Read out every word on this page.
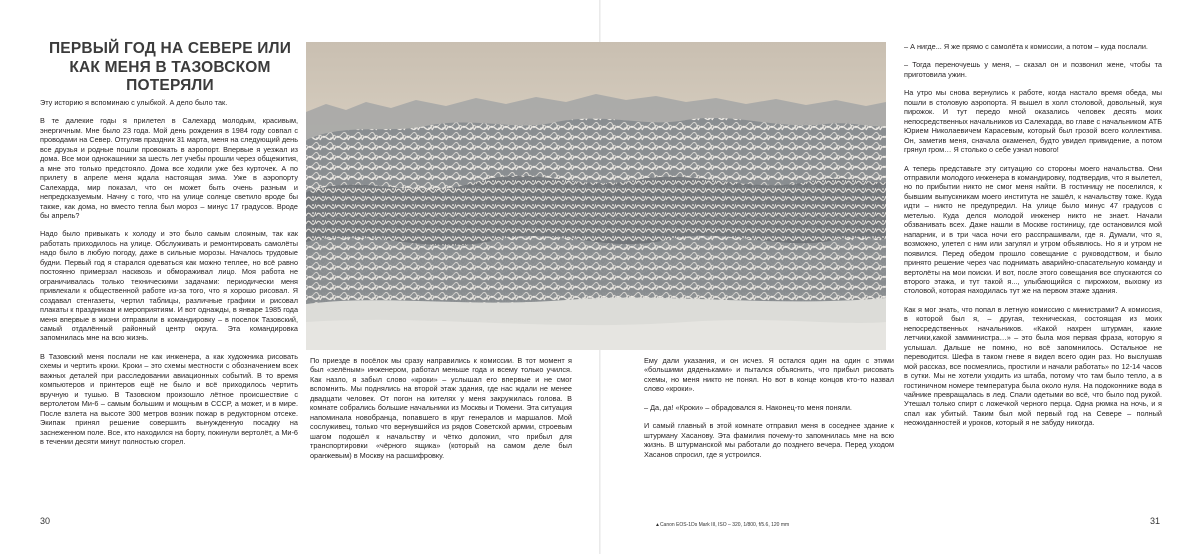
ПЕРВЫЙ ГОД НА СЕВЕРЕ ИЛИ КАК МЕНЯ В ТАЗОВСКОМ ПОТЕРЯЛИ

Эту историю я вспоминаю с улыбкой. А дело было так.

В те далекие годы я прилетел в Салехард молодым, красивым, энергичным. Мне было 23 года. Мой день рождения в 1984 году совпал с проводами на Север. Отгуляв праздник 31 марта, меня на следующий день все друзья и родные пошли провожать в аэропорт. Впервые я уезжал из дома. Все мои однокашники за шесть лет учебы прошли через общежития, а мне это только предстояло. Дома все ходили уже без курточек. А по прилету в апреле меня ждала настоящая зима. Уже в аэропорту Салехарда, мир показал, что он может быть очень разным и непредсказуемым. Начну с того, что на улице солнце светило вроде бы также, как дома, но вместо тепла был мороз – минус 17 градусов. Вроде бы апрель?

Надо было привыкать к холоду и это было самым сложным, так как работать приходилось на улице. Обслуживать и ремонтировать самолёты надо было в любую погоду, даже в сильные морозы. Началось трудовые будни. Первый год я старался одеваться как можно теплее, но всё равно постоянно примерзал насквозь и обмораживал лицо. Моя работа не ограничивалась только техническими задачами: периодически меня привлекали к общественной работе из-за того, что я хорошо рисовал. Я создавал стенгазеты, чертил таблицы, различные графики и рисовал плакаты к праздникам и мероприятиям. И вот однажды, в январе 1985 года меня впервые в жизни отправили в командировку – в поселок Тазовский, самый отдалённый районный центр округа. Эта командировка запомнилась мне на всю жизнь.

В Тазовский меня послали не как инженера, а как художника рисовать схемы и чертить кроки. Кроки – это схемы местности с обозначением всех важных деталей при расследовании авиационных событий. В то время компьютеров и принтеров ещё не было и всё приходилось чертить вручную и тушью. В Тазовском произошло лётное происшествие с вертолетом Ми-6 – самым большим и мощным в СССР, а может, и в мире. После взлета на высоте 300 метров возник пожар в редукторном отсеке. Экипаж принял решение совершить вынужденную посадку на заснеженном поле. Все, кто находился на борту, покинули вертолёт, а Ми-6 в течении десяти минут полностью сгорел.

По приезде в посёлок мы сразу направились к комиссии. В тот момент я был «зелёным» инженером, работал меньше года и всему только учился. Как назло, я забыл слово «кроки» – услышал его впервые и не смог вспомнить. Мы поднялись на второй этаж здания, где нас ждали не менее двадцати человек. От погон на кителях у меня закружилась голова. В комнате собрались большие начальники из Москвы и Тюмени. Эта ситуация напоминала новобранца, попавшего в круг генералов и маршалов. Мой сослуживец, только что вернувшийся из рядов Советской армии, строевым шагом подошёл к начальству и чётко доложил, что прибыл для транспортировки «чёрного ящика» (который на самом деле был оранжевым) в Москву на расшифровку.

Ему дали указания, и он исчез. Я остался один на один с этими «большими дяденьками» и пытался объяснить, что прибыл рисовать схемы, но меня никто не понял. Но вот в конце концов кто-то назвал слово «кроки».

– Да, да! «Кроки» – обрадовался я. Наконец-то меня поняли.

И самый главный в этой комнате отправил меня в соседнее здание к штурману Хасанову. Эта фамилия почему-то запомнилась мне на всю жизнь. В штурманской мы работали до позднего вечера. Перед уходом Хасанов спросил, где я устроился.

– А нигде... Я же прямо с самолёта к комиссии, а потом – куда послали.

– Тогда переночуешь у меня, – сказал он и позвонил жене, чтобы та приготовила ужин.

На утро мы снова вернулись к работе, когда настало время обеда, мы пошли в столовую аэропорта. Я вышел в холл столовой, довольный, жуя пирожок. И тут передо мной оказались человек десять моих непосредственных начальников из Салехарда, во главе с начальником АТБ Юрием Николаевичем Карасевым, который был грозой всего коллектива. Он, заметив меня, сначала окаменел, будто увидел привидение, а потом грянул гром… Я столько о себе узнал нового!

А теперь представьте эту ситуацию со стороны моего начальства. Они отправили молодого инженера в командировку, подтвердив, что я вылетел, но по прибытии никто не смог меня найти. В гостиницу не поселился, к бывшим выпускникам моего института не зашёл, к начальству тоже. Куда идти – никто не предупредил. На улице было минус 47 градусов с метелью. Куда делся молодой инженер никто не знает. Начали обзванивать всех. Даже нашли в Москве гостиницу, где остановился мой напарник, и в три часа ночи его расспрашивали, где я. Думали, что я, возможно, улетел с ним или загулял и утром объявлюсь. Но я и утром не появился. Перед обедом прошло совещание с руководством, и было принято решение через час поднимать аварийно-спасательную команду и вертолёты на мои поиски. И вот, после этого совещания все спускаются со второго этажа, и тут такой я..., улыбающийся с пирожком, выхожу из столовой, которая находилась тут же на первом этаже здания.

Как я мог знать, что попал в летную комиссию с министрами? А комиссия, в которой был я, – другая, техническая, состоящая из моих непосредственных начальников. «Какой нахрен штурман, какие летчики,какой замминистра…» – это была моя первая фраза, которую я услышал. Дальше не помню, но всё запомнилось. Остальное не переводится. Шефа в таком гневе я видел всего один раз. Но выслушав мой рассказ, все посмеялись, простили и начали работать» по 12-14 часов в сутки. Мы не хотели уходить из штаба, потому что там было тепло, а в гостиничном номере температура была около нуля. На подоконнике вода в чайнике превращалась в лед. Спали одетыми во всё, что было под рукой. Утешал только спирт с ложечкой черного перца. Одна рюмка на ночь, и я спал как убитый. Таким был мой первый год на Севере – полный неожиданностей и уроков, который я не забуду никогда.

▲Canon EOS-1Ds Mark III, ISO – 320, 1/800, f/5.6, 120 mm
30	31
